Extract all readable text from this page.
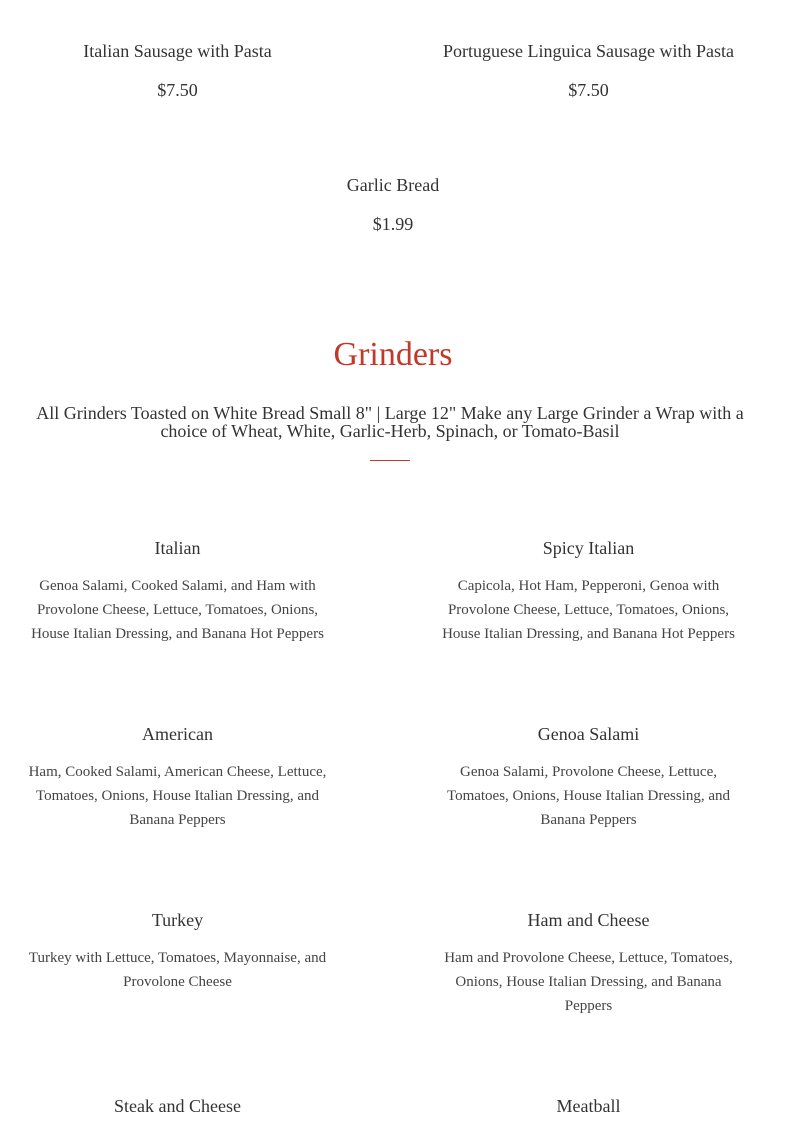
Italian Sausage with Pasta
$7.50
Portuguese Linguica Sausage with Pasta
$7.50
Garlic Bread
$1.99
Grinders
All Grinders Toasted on White Bread Small 8" | Large 12" Make any Large Grinder a Wrap with a choice of Wheat, White, Garlic-Herb, Spinach, or Tomato-Basil
Italian
Genoa Salami, Cooked Salami, and Ham with Provolone Cheese, Lettuce, Tomatoes, Onions, House Italian Dressing, and Banana Hot Peppers
Spicy Italian
Capicola, Hot Ham, Pepperoni, Genoa with Provolone Cheese, Lettuce, Tomatoes, Onions, House Italian Dressing, and Banana Hot Peppers
American
Ham, Cooked Salami, American Cheese, Lettuce, Tomatoes, Onions, House Italian Dressing, and Banana Peppers
Genoa Salami
Genoa Salami, Provolone Cheese, Lettuce, Tomatoes, Onions, House Italian Dressing, and Banana Peppers
Turkey
Turkey with Lettuce, Tomatoes, Mayonnaise, and Provolone Cheese
Ham and Cheese
Ham and Provolone Cheese, Lettuce, Tomatoes, Onions, House Italian Dressing, and Banana Peppers
Steak and Cheese	Meatball
